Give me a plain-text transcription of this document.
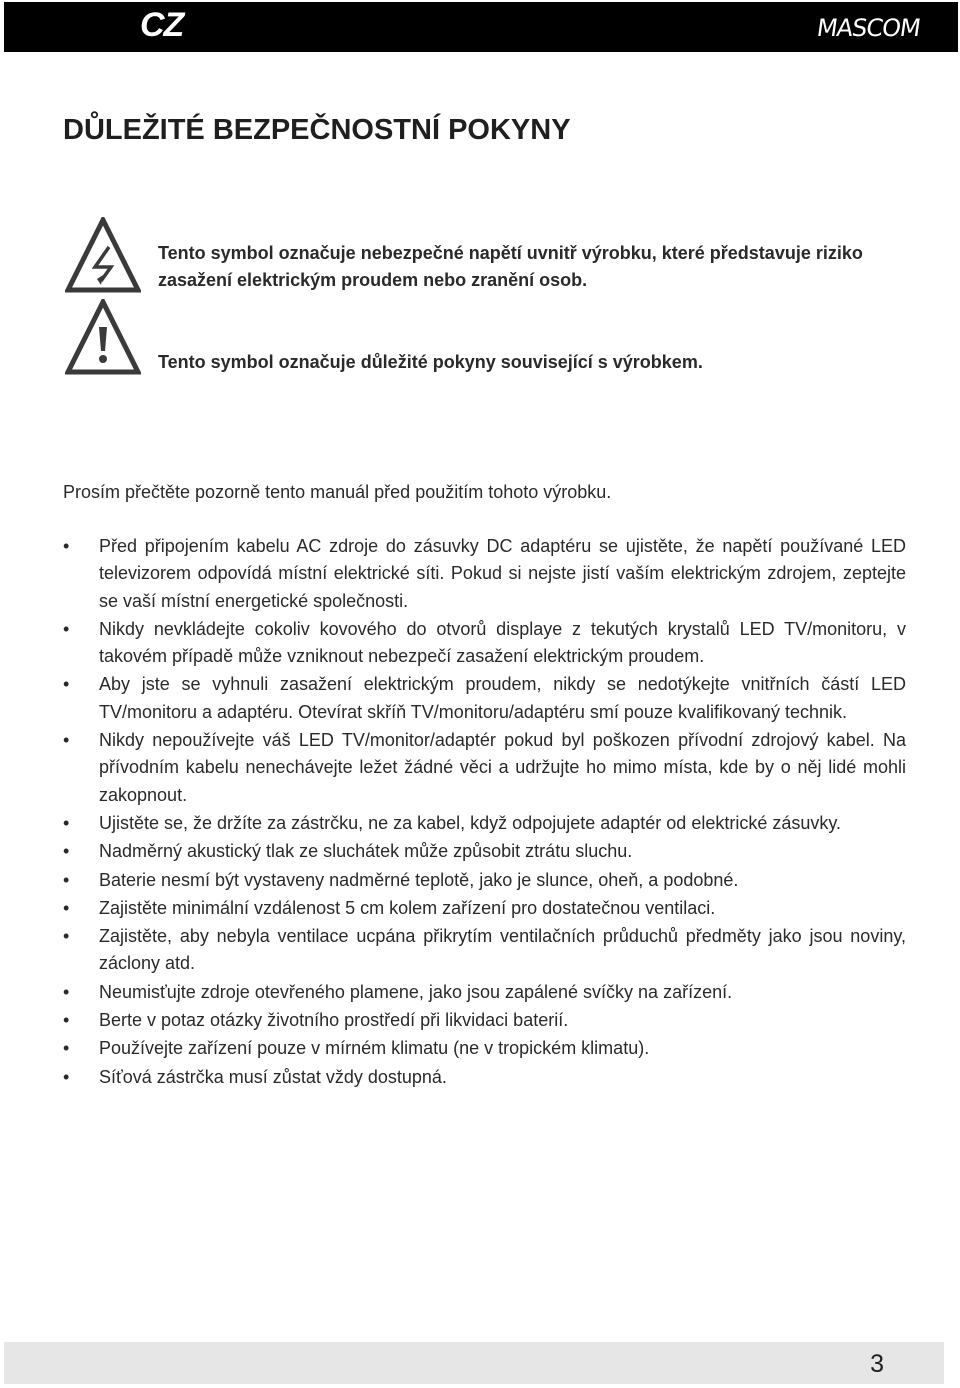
CZ	MASCOM
DŮLEŽITÉ BEZPEČNOSTNÍ POKYNY

Tento symbol označuje nebezpečné napětí uvnitř výrobku, které představuje riziko zasažení elektrickým proudem nebo zranění osob.

Tento symbol označuje důležité pokyny související s výrobkem.

Prosím přečtěte pozorně tento manuál před použitím tohoto výrobku.

• Před připojením kabelu AC zdroje do zásuvky DC adaptéru se ujistěte, že napětí používané LED televizorem odpovídá místní elektrické síti. Pokud si nejste jistí vaším elektrickým zdrojem, zeptejte se vaší místní energetické společnosti.
• Nikdy nevkládejte cokoliv kovového do otvorů displaye z tekutých krystalů LED TV/monitoru, v takovém případě může vzniknout nebezpečí zasažení elektrickým proudem.
• Aby jste se vyhnuli zasažení elektrickým proudem, nikdy se nedotýkejte vnitřních částí LED TV/monitoru a adaptéru. Otevírat skříň TV/monitoru/adaptéru smí pouze kvalifikovaný technik.
• Nikdy nepoužívejte váš LED TV/monitor/adaptér pokud byl poškozen přívodní zdrojový kabel. Na přívodním kabelu nenechávejte ležet žádné věci a udržujte ho mimo místa, kde by o něj lidé mohli zakopnout.
• Ujistěte se, že držíte za zástrčku, ne za kabel, když odpojujete adaptér od elektrické zásuvky.
• Nadměrný akustický tlak ze sluchátek může způsobit ztrátu sluchu.
• Baterie nesmí být vystaveny nadměrné teplotě, jako je slunce, oheň, a podobné.
• Zajistěte minimální vzdálenost 5 cm kolem zařízení pro dostatečnou ventilaci.
• Zajistěte, aby nebyla ventilace ucpána přikrytím ventilačních průduchů předměty jako jsou noviny, záclony atd.
• Neumisťujte zdroje otevřeného plamene, jako jsou zapálené svíčky na zařízení.
• Berte v potaz otázky životního prostředí při likvidaci baterií.
• Používejte zařízení pouze v mírném klimatu (ne v tropickém klimatu).
• Síťová zástrčka musí zůstat vždy dostupná.
3
